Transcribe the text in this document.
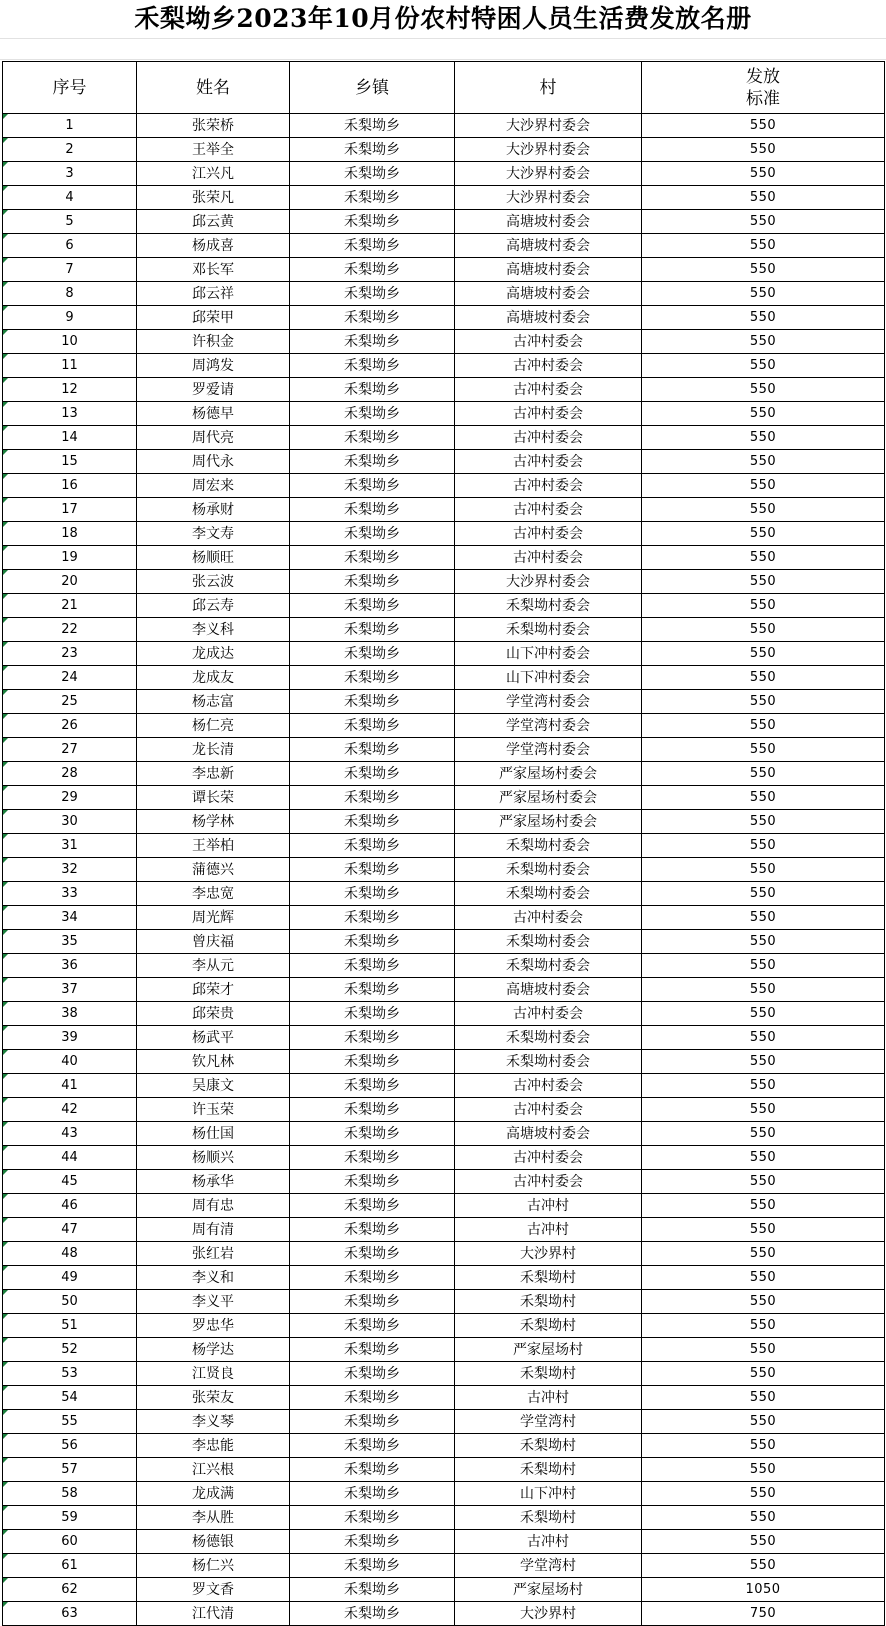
禾梨坳乡2023年10月份农村特困人员生活费发放名册
序号	姓名	乡镇	村	发放
标准

1	张荣桥	禾梨坳乡	大沙界村委会	550
2	王举全	禾梨坳乡	大沙界村委会	550
3	江兴凡	禾梨坳乡	大沙界村委会	550
4	张荣凡	禾梨坳乡	大沙界村委会	550
5	邱云黄	禾梨坳乡	高塘坡村委会	550
6	杨成喜	禾梨坳乡	高塘坡村委会	550
7	邓长军	禾梨坳乡	高塘坡村委会	550
8	邱云祥	禾梨坳乡	高塘坡村委会	550
9	邱荣甲	禾梨坳乡	高塘坡村委会	550
10	许积金	禾梨坳乡	古冲村委会	550
11	周鸿发	禾梨坳乡	古冲村委会	550
12	罗爱请	禾梨坳乡	古冲村委会	550
13	杨德早	禾梨坳乡	古冲村委会	550
14	周代亮	禾梨坳乡	古冲村委会	550
15	周代永	禾梨坳乡	古冲村委会	550
16	周宏来	禾梨坳乡	古冲村委会	550
17	杨承财	禾梨坳乡	古冲村委会	550
18	李文寿	禾梨坳乡	古冲村委会	550
19	杨顺旺	禾梨坳乡	古冲村委会	550
20	张云波	禾梨坳乡	大沙界村委会	550
21	邱云寿	禾梨坳乡	禾梨坳村委会	550
22	李义科	禾梨坳乡	禾梨坳村委会	550
23	龙成达	禾梨坳乡	山下冲村委会	550
24	龙成友	禾梨坳乡	山下冲村委会	550
25	杨志富	禾梨坳乡	学堂湾村委会	550
26	杨仁亮	禾梨坳乡	学堂湾村委会	550
27	龙长清	禾梨坳乡	学堂湾村委会	550
28	李忠新	禾梨坳乡	严家屋场村委会	550
29	谭长荣	禾梨坳乡	严家屋场村委会	550
30	杨学林	禾梨坳乡	严家屋场村委会	550
31	王举柏	禾梨坳乡	禾梨坳村委会	550
32	蒲德兴	禾梨坳乡	禾梨坳村委会	550
33	李忠宽	禾梨坳乡	禾梨坳村委会	550
34	周光辉	禾梨坳乡	古冲村委会	550
35	曾庆福	禾梨坳乡	禾梨坳村委会	550
36	李从元	禾梨坳乡	禾梨坳村委会	550
37	邱荣才	禾梨坳乡	高塘坡村委会	550
38	邱荣贵	禾梨坳乡	古冲村委会	550
39	杨武平	禾梨坳乡	禾梨坳村委会	550
40	钦凡林	禾梨坳乡	禾梨坳村委会	550
41	吴康文	禾梨坳乡	古冲村委会	550
42	许玉荣	禾梨坳乡	古冲村委会	550
43	杨仕国	禾梨坳乡	高塘坡村委会	550
44	杨顺兴	禾梨坳乡	古冲村委会	550
45	杨承华	禾梨坳乡	古冲村委会	550
46	周有忠	禾梨坳乡	古冲村	550
47	周有清	禾梨坳乡	古冲村	550
48	张红岩	禾梨坳乡	大沙界村	550
49	李义和	禾梨坳乡	禾梨坳村	550
50	李义平	禾梨坳乡	禾梨坳村	550
51	罗忠华	禾梨坳乡	禾梨坳村	550
52	杨学达	禾梨坳乡	严家屋场村	550
53	江贤良	禾梨坳乡	禾梨坳村	550
54	张荣友	禾梨坳乡	古冲村	550
55	李义琴	禾梨坳乡	学堂湾村	550
56	李忠能	禾梨坳乡	禾梨坳村	550
57	江兴根	禾梨坳乡	禾梨坳村	550
58	龙成满	禾梨坳乡	山下冲村	550
59	李从胜	禾梨坳乡	禾梨坳村	550
60	杨德银	禾梨坳乡	古冲村	550
61	杨仁兴	禾梨坳乡	学堂湾村	550
62	罗文香	禾梨坳乡	严家屋场村	1050
63	江代清	禾梨坳乡	大沙界村	750
